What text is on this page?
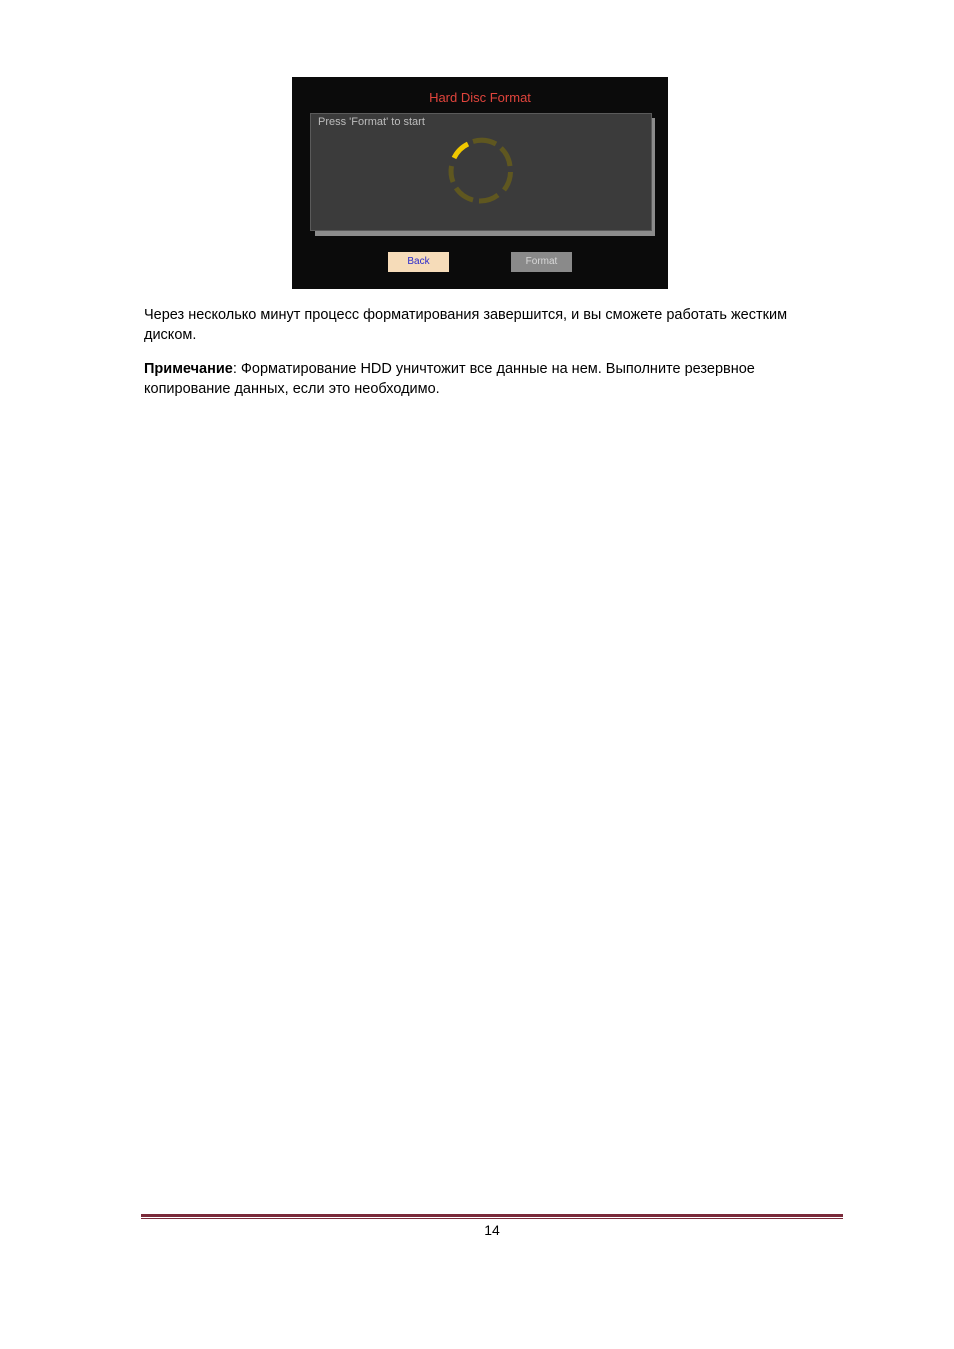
Hard Disc Format
Press 'Format' to start
Back	Format
Через несколько минут процесс форматирования завершится, и вы сможете работать жестким диском.
Примечание: Форматирование HDD уничтожит все данные на нем. Выполните резервное копирование данных, если это необходимо.
14
